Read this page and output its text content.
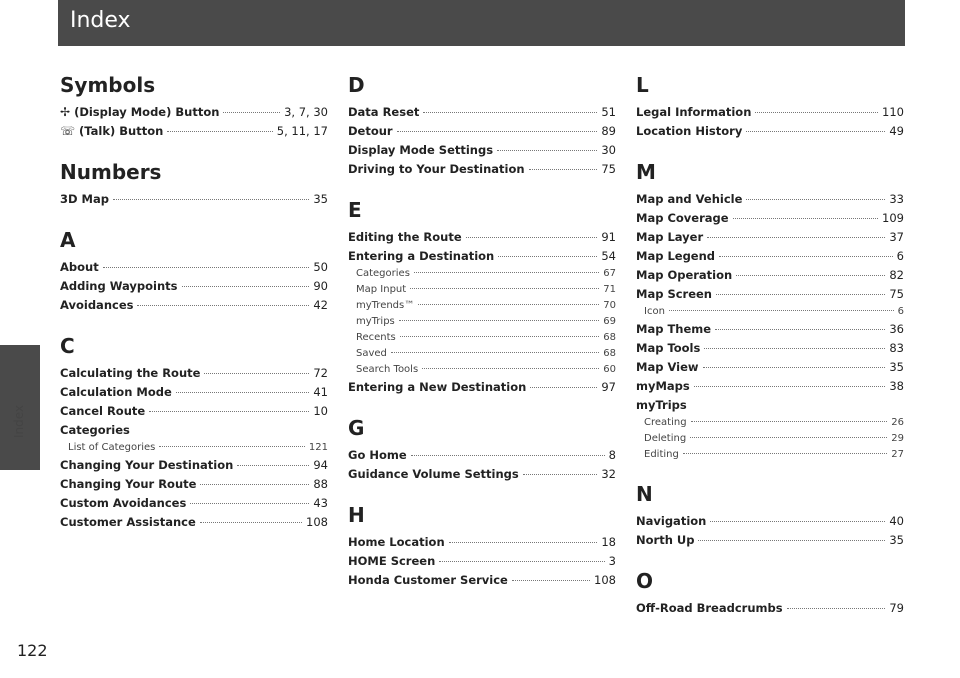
Index
Index
122
Symbols
✢ (Display Mode) Button	3, 7, 30
☏ (Talk) Button	5, 11, 17
Numbers
3D Map	35
A
About	50
Adding Waypoints	90
Avoidances	42
C
Calculating the Route	72
Calculation Mode	41
Cancel Route	10
Categories
List of Categories	121
Changing Your Destination	94
Changing Your Route	88
Custom Avoidances	43
Customer Assistance	108
D
Data Reset	51
Detour	89
Display Mode Settings	30
Driving to Your Destination	75
E
Editing the Route	91
Entering a Destination	54
Categories	67
Map Input	71
myTrends™	70
myTrips	69
Recents	68
Saved	68
Search Tools	60
Entering a New Destination	97
G
Go Home	8
Guidance Volume Settings	32
H
Home Location	18
HOME Screen	3
Honda Customer Service	108
L
Legal Information	110
Location History	49
M
Map and Vehicle	33
Map Coverage	109
Map Layer	37
Map Legend	6
Map Operation	82
Map Screen	75
Icon	6
Map Theme	36
Map Tools	83
Map View	35
myMaps	38
myTrips
Creating	26
Deleting	29
Editing	27
N
Navigation	40
North Up	35
O
Off-Road Breadcrumbs	79
